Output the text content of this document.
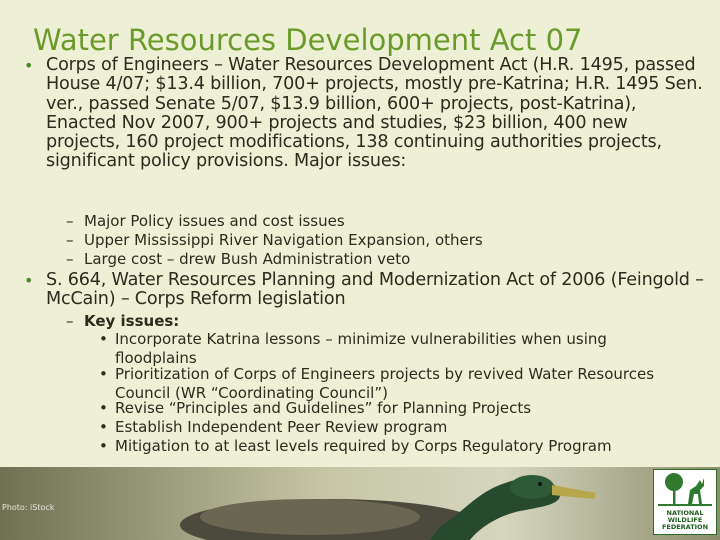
Water Resources Development Act 07
• Corps of Engineers – Water Resources Development Act (H.R. 1495, passed House 4/07; $13.4 billion, 700+ projects, mostly pre-Katrina; H.R. 1495 Sen. ver., passed Senate 5/07, $13.9 billion, 600+ projects, post-Katrina), Enacted Nov 2007, 900+ projects and studies, $23 billion, 400 new projects, 160 project modifications, 138 continuing authorities projects, significant policy provisions. Major issues:
– Major Policy issues and cost issues
– Upper Mississippi River Navigation Expansion, others
– Large cost – drew Bush Administration veto
• S. 664, Water Resources Planning and Modernization Act of 2006 (Feingold –McCain) – Corps Reform legislation
– Key issues:
• Incorporate Katrina lessons – minimize vulnerabilities when using floodplains
• Prioritization of Corps of Engineers projects by revived Water Resources Council (WR “Coordinating Council”)
• Revise “Principles and Guidelines” for Planning Projects
• Establish Independent Peer Review program
• Mitigation to at least levels required by Corps Regulatory Program
Photo: iStock
NATIONAL
WILDLIFE
FEDERATION
